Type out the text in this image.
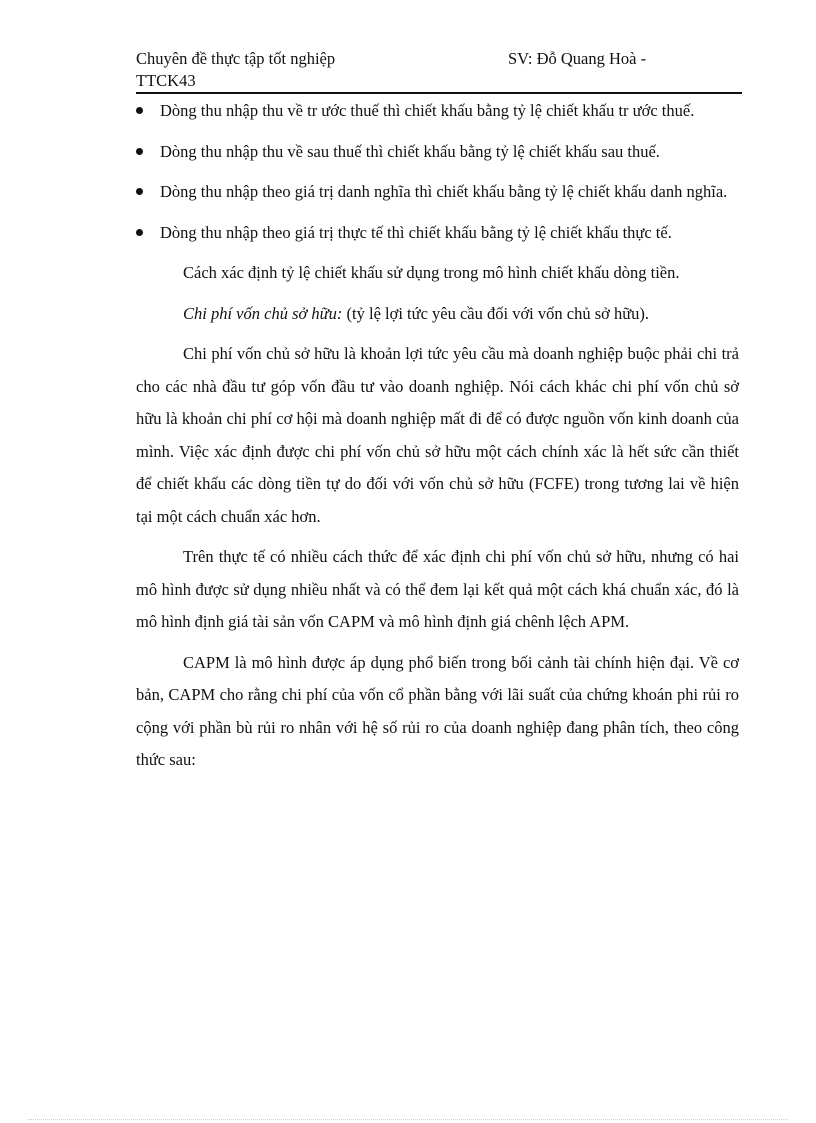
Chuyên đề thực tập tốt nghiệp	SV: Đỗ Quang Hoà -
TTCK43
Dòng thu nhập thu về tr ước thuế thì chiết khấu bằng tỷ lệ chiết khấu tr ước thuế.
Dòng thu nhập thu về sau thuế thì chiết khấu bằng tỷ lệ chiết khấu sau thuế.
Dòng thu nhập theo giá trị danh nghĩa thì chiết khấu bằng tỷ lệ chiết khấu danh nghĩa.
Dòng thu nhập theo giá trị thực tế thì chiết khấu bằng tỷ lệ chiết khấu thực tế.

Cách xác định tỷ lệ chiết khấu sử dụng trong mô hình chiết khấu dòng tiền.

Chi phí vốn chủ sở hữu: (tỷ lệ lợi tức yêu cầu đối với vốn chủ sở hữu).

Chi phí vốn chủ sở hữu là khoản lợi tức yêu cầu mà doanh nghiệp buộc phải chi trả cho các nhà đầu tư góp vốn đầu tư vào doanh nghiệp. Nói cách khác chi phí vốn chủ sở hữu là khoản chi phí cơ hội mà doanh nghiệp mất đi để có được nguồn vốn kinh doanh của mình. Việc xác định được chi phí vốn chủ sở hữu một cách chính xác là hết sức cần thiết để chiết khấu các dòng tiền tự do đối với vốn chủ sở hữu (FCFE) trong tương lai về hiện tại một cách chuẩn xác hơn.

Trên thực tế có nhiều cách thức để xác định chi phí vốn chủ sở hữu, nhưng có hai mô hình được sử dụng nhiều nhất và có thể đem lại kết quả một cách khá chuẩn xác, đó là mô hình định giá tài sản vốn CAPM và mô hình định giá chênh lệch APM.

CAPM là mô hình được áp dụng phổ biến trong bối cảnh tài chính hiện đại. Về cơ bản, CAPM cho rằng chi phí của vốn cổ phần bằng với lãi suất của chứng khoán phi rủi ro cộng với phần bù rủi ro nhân với hệ số rủi ro của doanh nghiệp đang phân tích, theo công thức sau:
